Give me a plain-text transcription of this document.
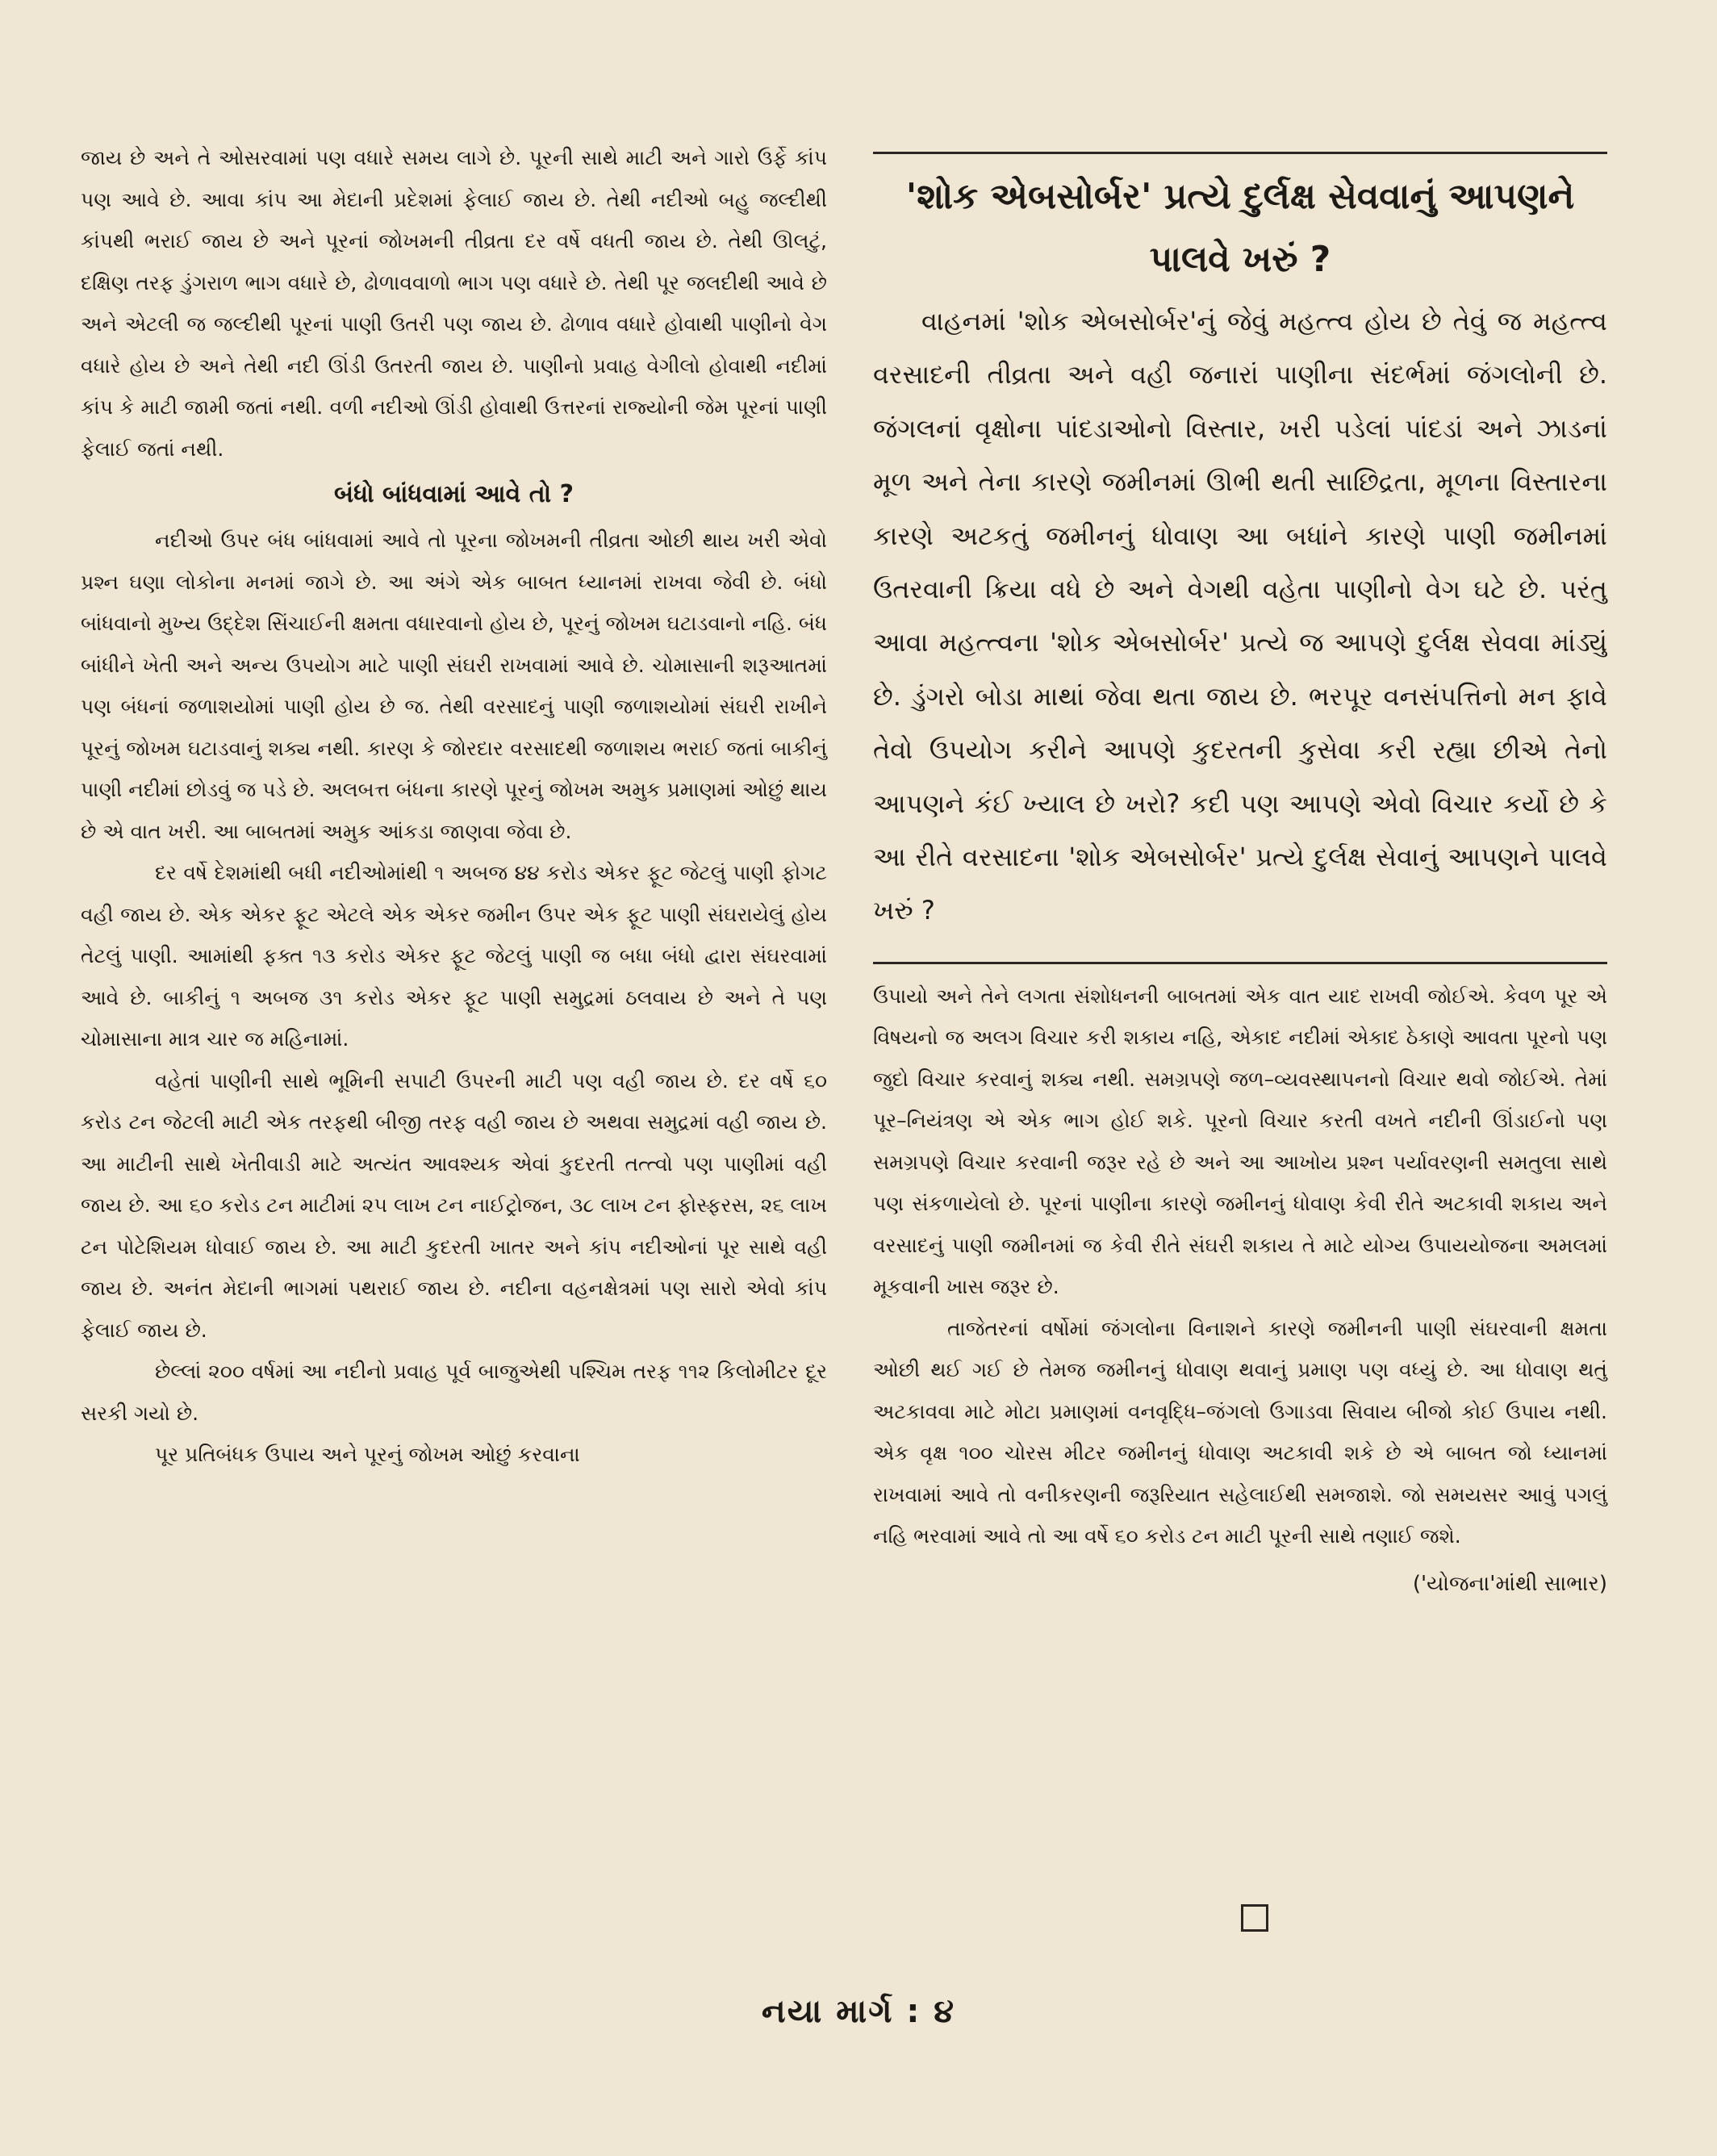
જાય છે અને તે ઓસરવામાં પણ વધારે સમય લાગે છે. પૂરની સાથે માટી અને ગારો ઉર્ફે કાંપ પણ આવે છે. આવા કાંપ આ મેદાની પ્રદેશમાં ફેલાઈ જાય છે. તેથી નદીઓ બહુ જલ્દીથી કાંપથી ભરાઈ જાય છે અને પૂરનાં જોખમની તીવ્રતા દર વર્ષે વધતી જાય છે. તેથી ઊલટું, દક્ષિણ તરફ ડુંગરાળ ભાગ વધારે છે, ઢોળાવવાળો ભાગ પણ વધારે છે. તેથી પૂર જલદીથી આવે છે અને એટલી જ જલ્દીથી પૂરનાં પાણી ઉતરી પણ જાય છે. ઢોળાવ વધારે હોવાથી પાણીનો વેગ વધારે હોય છે અને તેથી નદી ઊંડી ઉતરતી જાય છે. પાણીનો પ્રવાહ વેગીલો હોવાથી નદીમાં કાંપ કે માટી જામી જતાં નથી. વળી નદીઓ ઊંડી હોવાથી ઉત્તરનાં રાજ્યોની જેમ પૂરનાં પાણી ફેલાઈ જતાં નથી.

બંધો બાંધવામાં આવે તો ?

નદીઓ ઉપર બંધ બાંધવામાં આવે તો પૂરના જોખમની તીવ્રતા ઓછી થાય ખરી એવો પ્રશ્ન ઘણા લોકોના મનમાં જાગે છે. આ અંગે એક બાબત ધ્યાનમાં રાખવા જેવી છે. બંધો બાંધવાનો મુખ્ય ઉદ્દેશ સિંચાઈની ક્ષમતા વધારવાનો હોય છે, પૂરનું જોખમ ઘટાડવાનો નહિ. બંધ બાંધીને ખેતી અને અન્ય ઉપયોગ માટે પાણી સંઘરી રાખવામાં આવે છે. ચોમાસાની શરૂઆતમાં પણ બંધનાં જળાશયોમાં પાણી હોય છે જ. તેથી વરસાદનું પાણી જળાશયોમાં સંઘરી રાખીને પૂરનું જોખમ ઘટાડવાનું શક્ય નથી. કારણ કે જોરદાર વરસાદથી જળાશય ભરાઈ જતાં બાકીનું પાણી નદીમાં છોડવું જ પડે છે. અલબત્ત બંધના કારણે પૂરનું જોખમ અમુક પ્રમાણમાં ઓછું થાય છે એ વાત ખરી. આ બાબતમાં અમુક આંકડા જાણવા જેવા છે.

દર વર્ષે દેશમાંથી બધી નદીઓમાંથી ૧ અબજ ૪૪ કરોડ એકર ફૂટ જેટલું પાણી ફોગટ વહી જાય છે. એક એકર ફૂટ એટલે એક એકર જમીન ઉપર એક ફૂટ પાણી સંઘરાયેલું હોય તેટલું પાણી. આમાંથી ફક્ત ૧૩ કરોડ એકર ફૂટ જેટલું પાણી જ બધા બંધો દ્વારા સંઘરવામાં આવે છે. બાકીનું ૧ અબજ ૩૧ કરોડ એકર ફૂટ પાણી સમુદ્રમાં ઠલવાય છે અને તે પણ ચોમાસાના માત્ર ચાર જ મહિનામાં.

વહેતાં પાણીની સાથે ભૂમિની સપાટી ઉપરની માટી પણ વહી જાય છે. દર વર્ષે ૬૦ કરોડ ટન જેટલી માટી એક તરફથી બીજી તરફ વહી જાય છે અથવા સમુદ્રમાં વહી જાય છે. આ માટીની સાથે ખેતીવાડી માટે અત્યંત આવશ્યક એવાં કુદરતી તત્ત્વો પણ પાણીમાં વહી જાય છે. આ ૬૦ કરોડ ટન માટીમાં ૨૫ લાખ ટન નાઈટ્રોજન, ૩૮ લાખ ટન ફોસ્ફરસ, ૨૬ લાખ ટન પોટેશિયમ ધોવાઈ જાય છે. આ માટી કુદરતી ખાતર અને કાંપ નદીઓનાં પૂર સાથે વહી જાય છે. અનંત મેદાની ભાગમાં પથરાઈ જાય છે. નદીના વહનક્ષેત્રમાં પણ સારો એવો કાંપ ફેલાઈ જાય છે.

છેલ્લાં ૨૦૦ વર્ષમાં આ નદીનો પ્રવાહ પૂર્વ બાજુએથી પશ્ચિમ તરફ ૧૧૨ કિલોમીટર દૂર સરકી ગયો છે.

પૂર પ્રતિબંધક ઉપાય અને પૂરનું જોખમ ઓછું કરવાના

'શોક એબસોર્બર' પ્રત્યે દુર્લક્ષ સેવવાનું આપણને પાલવે ખરું ?

વાહનમાં 'શોક એબસોર્બર'નું જેવું મહત્ત્વ હોય છે તેવું જ મહત્ત્વ વરસાદની તીવ્રતા અને વહી જનારાં પાણીના સંદર્ભમાં જંગલોની છે. જંગલનાં વૃક્ષોના પાંદડાઓનો વિસ્તાર, ખરી પડેલાં પાંદડાં અને ઝાડનાં મૂળ અને તેના કારણે જમીનમાં ઊભી થતી સાછિદ્રતા, મૂળના વિસ્તારના કારણે અટકતું જમીનનું ધોવાણ આ બધાંને કારણે પાણી જમીનમાં ઉતરવાની ક્રિયા વધે છે અને વેગથી વહેતા પાણીનો વેગ ઘટે છે. પરંતુ આવા મહત્ત્વના 'શોક એબસોર્બર' પ્રત્યે જ આપણે દુર્લક્ષ સેવવા માંડ્યું છે. ડુંગરો બોડા માથાં જેવા થતા જાય છે. ભરપૂર વનસંપત્તિનો મન ફાવે તેવો ઉપયોગ કરીને આપણે કુદરતની કુસેવા કરી રહ્યા છીએ તેનો આપણને કંઈ ખ્યાલ છે ખરો? કદી પણ આપણે એવો વિચાર કર્યો છે કે આ રીતે વરસાદના 'શોક એબસોર્બર' પ્રત્યે દુર્લક્ષ સેવાનું આપણને પાલવે ખરું ?

ઉપાયો અને તેને લગતા સંશોધનની બાબતમાં એક વાત યાદ રાખવી જોઈએ. કેવળ પૂર એ વિષયનો જ અલગ વિચાર કરી શકાય નહિ, એકાદ નદીમાં એકાદ ઠેકાણે આવતા પૂરનો પણ જુદો વિચાર કરવાનું શક્ય નથી. સમગ્રપણે જળ–વ્યવસ્થાપનનો વિચાર થવો જોઈએ. તેમાં પૂર–નિયંત્રણ એ એક ભાગ હોઈ શકે. પૂરનો વિચાર કરતી વખતે નદીની ઊંડાઈનો પણ સમગ્રપણે વિચાર કરવાની જરૂર રહે છે અને આ આખોય પ્રશ્ન પર્યાવરણની સમતુલા સાથે પણ સંકળાયેલો છે. પૂરનાં પાણીના કારણે જમીનનું ધોવાણ કેવી રીતે અટકાવી શકાય અને વરસાદનું પાણી જમીનમાં જ કેવી રીતે સંઘરી શકાય તે માટે યોગ્ય ઉપાયયોજના અમલમાં મૂકવાની ખાસ જરૂર છે.

તાજેતરનાં વર્ષોમાં જંગલોના વિનાશને કારણે જમીનની પાણી સંઘરવાની ક્ષમતા ઓછી થઈ ગઈ છે તેમજ જમીનનું ધોવાણ થવાનું પ્રમાણ પણ વધ્યું છે. આ ધોવાણ થતું અટકાવવા માટે મોટા પ્રમાણમાં વનવૃદ્ધિ–જંગલો ઉગાડવા સિવાય બીજો કોઈ ઉપાય નથી. એક વૃક્ષ ૧૦૦ ચોરસ મીટર જમીનનું ધોવાણ અટકાવી શકે છે એ બાબત જો ધ્યાનમાં રાખવામાં આવે તો વનીકરણની જરૂરિયાત સહેલાઈથી સમજાશે. જો સમયસર આવું પગલું નહિ ભરવામાં આવે તો આ વર્ષે ૬૦ કરોડ ટન માટી પૂરની સાથે તણાઈ જશે.

('યોજના'માંથી સાભાર)
નયા માર્ગ : ૪
